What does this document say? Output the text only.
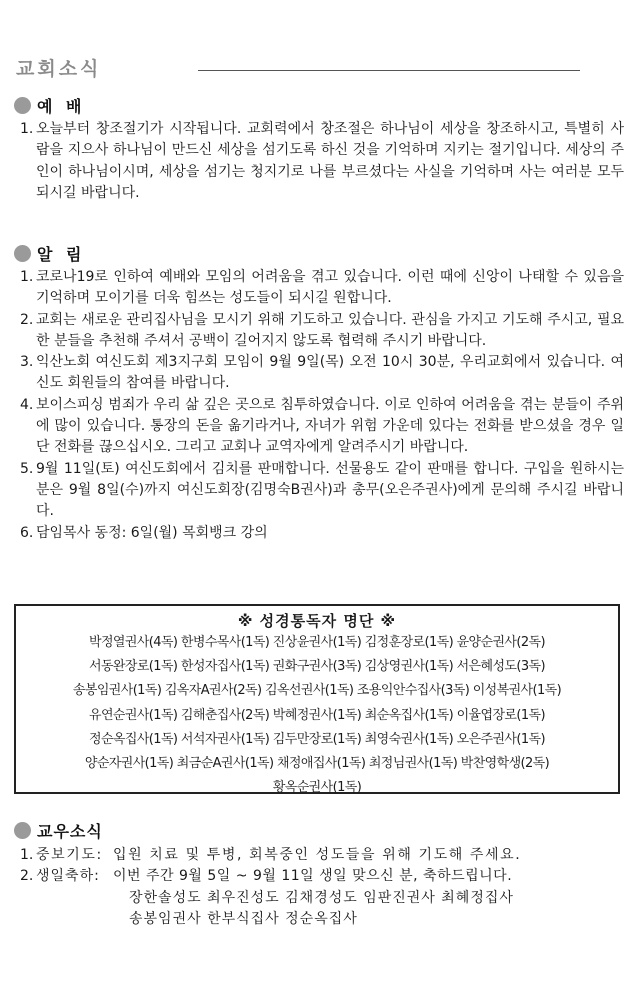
교회소식
예 배
1. 오늘부터 창조절기가 시작됩니다. 교회력에서 창조절은 하나님이 세상을 창조하시고, 특별히 사람을 지으사 하나님이 만드신 세상을 섬기도록 하신 것을 기억하며 지키는 절기입니다. 세상의 주인이 하나님이시며, 세상을 섬기는 청지기로 나를 부르셨다는 사실을 기억하며 사는 여러분 모두 되시길 바랍니다.
알 림
1. 코로나19로 인하여 예배와 모임의 어려움을 겪고 있습니다. 이런 때에 신앙이 나태할 수 있음을 기억하며 모이기를 더욱 힘쓰는 성도들이 되시길 원합니다.
2. 교회는 새로운 관리집사님을 모시기 위해 기도하고 있습니다. 관심을 가지고 기도해 주시고, 필요한 분들을 추천해 주셔서 공백이 길어지지 않도록 협력해 주시기 바랍니다.
3. 익산노회 여신도회 제3지구회 모임이 9월 9일(목) 오전 10시 30분, 우리교회에서 있습니다. 여신도 회원들의 참여를 바랍니다.
4. 보이스피싱 범죄가 우리 삶 깊은 곳으로 침투하였습니다. 이로 인하여 어려움을 겪는 분들이 주위에 많이 있습니다. 통장의 돈을 옮기라거나, 자녀가 위험 가운데 있다는 전화를 받으셨을 경우 일단 전화를 끊으십시오. 그리고 교회나 교역자에게 알려주시기 바랍니다.
5. 9월 11일(토) 여신도회에서 김치를 판매합니다. 선물용도 같이 판매를 합니다. 구입을 원하시는 분은 9월 8일(수)까지 여신도회장(김명숙B권사)과 총무(오은주권사)에게 문의해 주시길 바랍니다.
6. 담임목사 동정: 6일(월) 목회뱅크 강의
※ 성경통독자 명단 ※
박정열권사(4독) 한병수목사(1독) 진상윤권사(1독) 김정훈장로(1독) 윤양순권사(2독)
서동완장로(1독) 한성자집사(1독) 권화구권사(3독) 김상영권사(1독) 서은혜성도(3독)
송봉임권사(1독) 김옥자A권사(2독) 김옥선권사(1독) 조용익안수집사(3독) 이성복권사(1독)
유연순권사(1독) 김해춘집사(2독) 박혜정권사(1독) 최순옥집사(1독) 이율엽장로(1독)
정순옥집사(1독) 서석자권사(1독) 김두만장로(1독) 최영숙권사(1독) 오은주권사(1독)
양순자권사(1독) 최금순A권사(1독) 채정애집사(1독) 최정님권사(1독) 박찬영학생(2독)
황옥순권사(1독)
교우소식
1. 중보기도: 입원 치료 및 투병, 회복중인 성도들을 위해 기도해 주세요.
2. 생일축하: 이번 주간 9월 5일 ~ 9월 11일 생일 맞으신 분, 축하드립니다.
장한솔성도 최우진성도 김채경성도 임판진권사 최혜정집사
송봉임권사 한부식집사 정순옥집사
